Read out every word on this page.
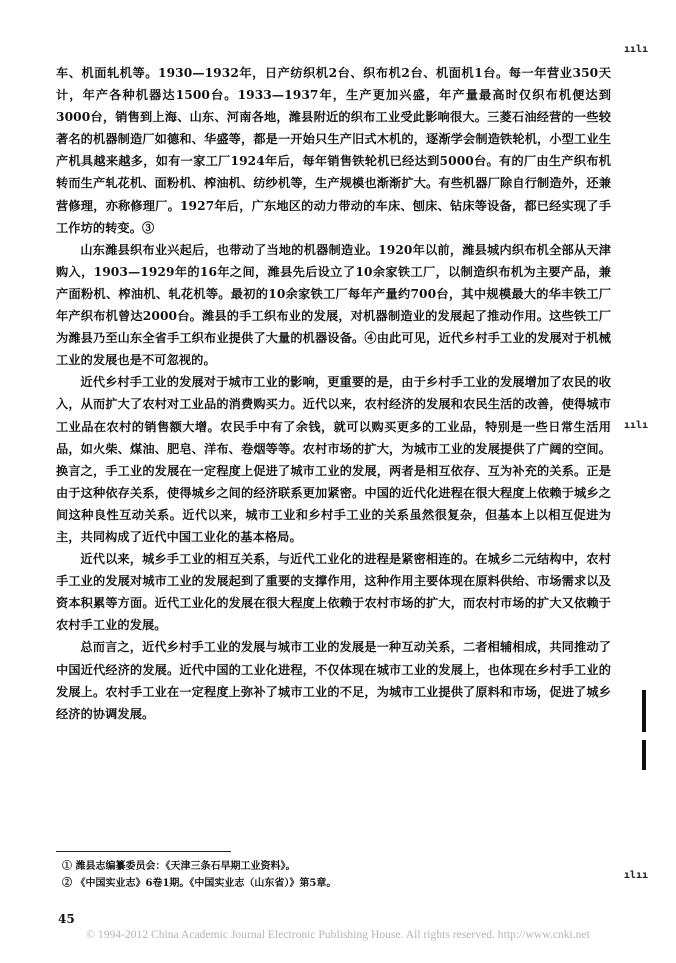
车、机面轧机等。1930—1932年，日产纺织机2台、织布机2台、机面机1台。每一年营业350天计，年产各种机器达1500台。1933—1937年，生产更加兴盛，年产量最高时仅织布机便达到3000台，销售到上海、山东、河南各地，潍县附近的织布工业受此影响很大。三菱石油经营的一些较著名的机器制造厂如德和、华盛等，都是一开始只生产旧式木机的，逐渐学会制造铁轮机，小型工业生产机具越来越多，如有一家工厂1924年后，每年销售铁轮机已经达到5000台。有的厂由生产织布机转而生产轧花机、面粉机、榨油机、纺纱机等，生产规模也渐渐扩大。有些机器厂除自行制造外，还兼营修理，亦称修理厂。1927年后，广东地区的动力带动的车床、刨床、钻床等设备，都已经实现了手工作坊的转变。③

山东潍县织布业兴起后，也带动了当地的机器制造业。1920年以前，潍县城内织布机全部从天津购入，1903—1929年的16年之间，潍县先后设立了10余家铁工厂，以制造织布机为主要产品，兼产面粉机、榨油机、轧花机等。最初的10余家铁工厂每年产量约700台，其中规模最大的华丰铁工厂年产织布机曾达2000台。潍县的手工织布业的发展，对机器制造业的发展起了推动作用。这些铁工厂为潍县乃至山东全省手工织布业提供了大量的机器设备。④由此可见，近代乡村手工业的发展对于机械工业的发展也是不可忽视的。

近代乡村手工业的发展对于城市工业的影响，更重要的是，由于乡村手工业的发展增加了农民的收入，从而扩大了农村对工业品的消费购买力。近代以来，农村经济的发展和农民生活的改善，使得城市工业品在农村的销售额大增。农民手中有了余钱，就可以购买更多的工业品，特别是一些日常生活用品，如火柴、煤油、肥皂、洋布、卷烟等等。农村市场的扩大，为城市工业的发展提供了广阔的空间。换言之，手工业的发展在一定程度上促进了城市工业的发展，两者是相互依存、互为补充的关系。正是由于这种依存关系，使得城乡之间的经济联系更加紧密。中国的近代化进程在很大程度上依赖于城乡之间这种良性互动关系。近代以来，城市工业和乡村手工业的关系虽然很复杂，但基本上以相互促进为主，共同构成了近代中国工业化的基本格局。

近代以来，城乡手工业的相互关系，与近代工业化的进程是紧密相连的。在城乡二元结构中，农村手工业的发展对城市工业的发展起到了重要的支撑作用，这种作用主要体现在原料供给、市场需求以及资本积累等方面。近代工业化的发展在很大程度上依赖于农村市场的扩大，而农村市场的扩大又依赖于农村手工业的发展。

总而言之，近代乡村手工业的发展与城市工业的发展是一种互动关系，二者相辅相成，共同推动了中国近代经济的发展。近代中国的工业化进程，不仅体现在城市工业的发展上，也体现在乡村手工业的发展上。农村手工业在一定程度上弥补了城市工业的不足，为城市工业提供了原料和市场，促进了城乡经济的协调发展。

① 潍县志编纂委员会：《天津三条石早期工业资料》。
② 《中国实业志》6卷1期。《中国实业志（山东省）》第5章。
45
© 1994-2012 China Academic Journal Electronic Publishing House. All rights reserved. http://www.cnki.net
ıılı
ıılı
ılıı
